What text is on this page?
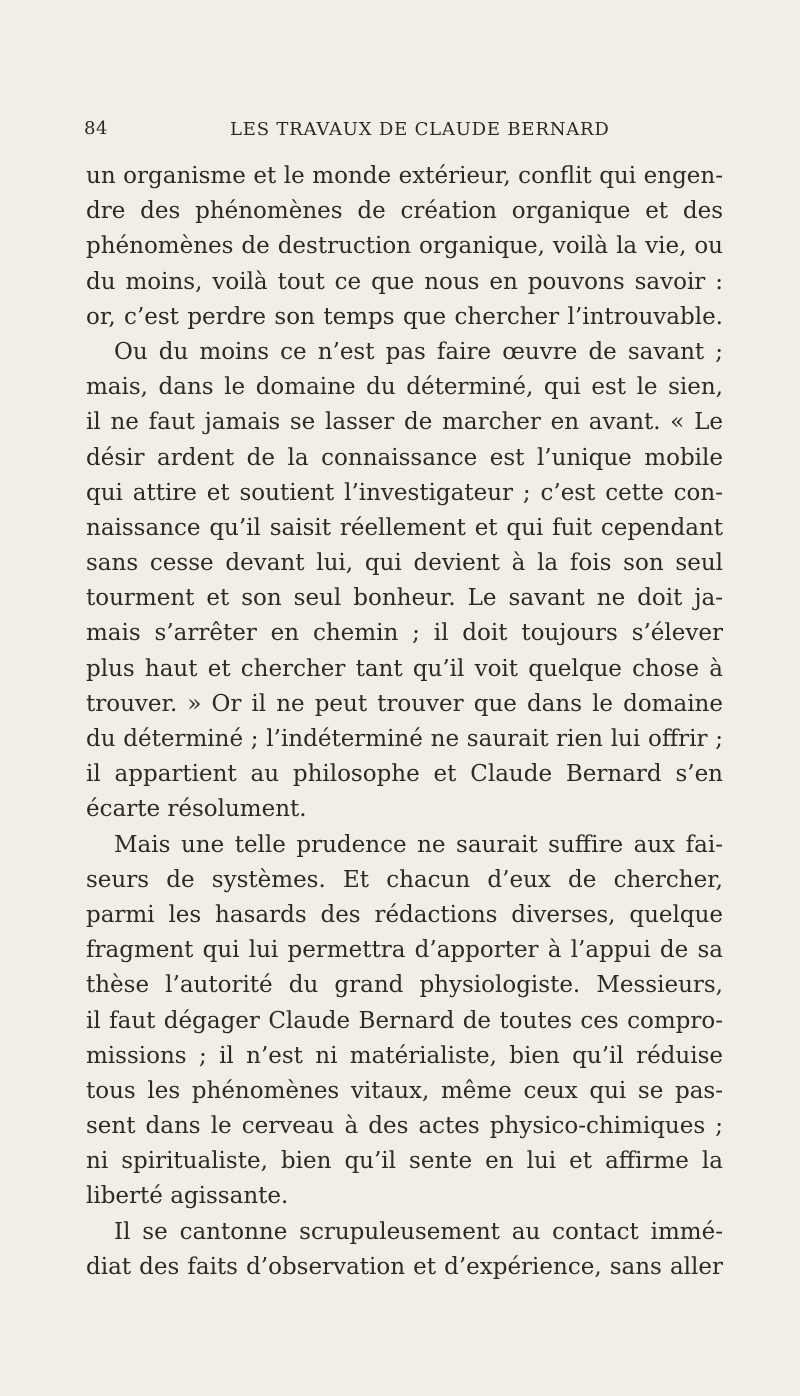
84	LES TRAVAUX DE CLAUDE BERNARD
un organisme et le monde extérieur, conflit qui engen-
dre des phénomènes de création organique et des
phénomènes de destruction organique, voilà la vie, ou
du moins, voilà tout ce que nous en pouvons savoir :
or, c’est perdre son temps que chercher l’introuvable.
Ou du moins ce n’est pas faire œuvre de savant ;
mais, dans le domaine du déterminé, qui est le sien,
il ne faut jamais se lasser de marcher en avant. « Le
désir ardent de la connaissance est l’unique mobile
qui attire et soutient l’investigateur ; c’est cette con-
naissance qu’il saisit réellement et qui fuit cependant
sans cesse devant lui, qui devient à la fois son seul
tourment et son seul bonheur. Le savant ne doit ja-
mais s’arrêter en chemin ; il doit toujours s’élever
plus haut et chercher tant qu’il voit quelque chose à
trouver. » Or il ne peut trouver que dans le domaine
du déterminé ; l’indéterminé ne saurait rien lui offrir ;
il appartient au philosophe et Claude Bernard s’en
écarte résolument.
Mais une telle prudence ne saurait suffire aux fai-
seurs de systèmes. Et chacun d’eux de chercher,
parmi les hasards des rédactions diverses, quelque
fragment qui lui permettra d’apporter à l’appui de sa
thèse l’autorité du grand physiologiste. Messieurs,
il faut dégager Claude Bernard de toutes ces compro-
missions ; il n’est ni matérialiste, bien qu’il réduise
tous les phénomènes vitaux, même ceux qui se pas-
sent dans le cerveau à des actes physico-chimiques ;
ni spiritualiste, bien qu’il sente en lui et affirme la
liberté agissante.
Il se cantonne scrupuleusement au contact immé-
diat des faits d’observation et d’expérience, sans aller
